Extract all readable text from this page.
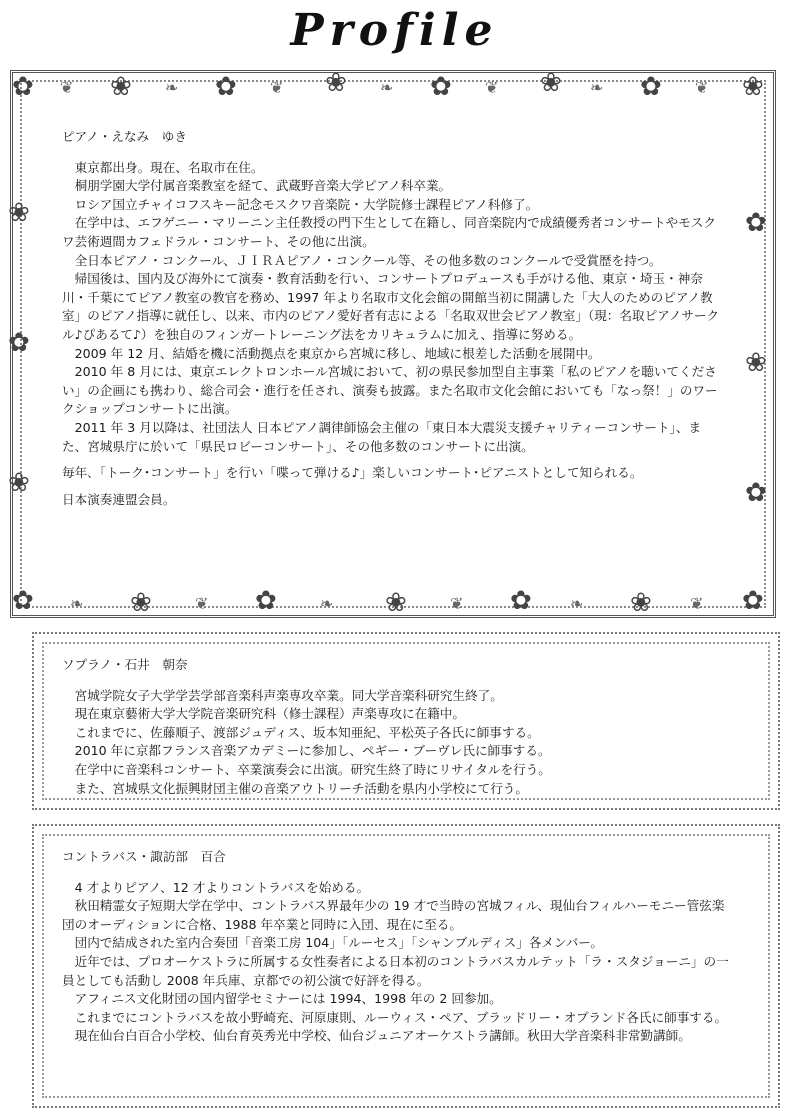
Profile
✿	❀	✿	❀	✿	❀	✿	❀
✿
❀
✿
❀
✿
❀
✿	❀	✿	❀	✿	❀	✿
❦	❧	❦	❧	❦	❧	❦
❧	❦	❧	❦	❧	❦

ピアノ・えなみ　ゆき

東京都出身。現在、名取市在住。

桐朋学園大学付属音楽教室を経て、武蔵野音楽大学ピアノ科卒業。

ロシア国立チャイコフスキー記念モスクワ音楽院・大学院修士課程ピアノ科修了。

在学中は、エフゲニー・マリーニン主任教授の門下生として在籍し、同音楽院内で成績優秀者コンサートやモスクワ芸術週間カフェドラル・コンサート、その他に出演。

全日本ピアノ・コンクール、ＪＩＲＡピアノ・コンクール等、その他多数のコンクールで受賞歴を持つ。

帰国後は、国内及び海外にて演奏・教育活動を行い、コンサートプロデュースも手がける他、東京・埼玉・神奈川・千葉にてピアノ教室の教官を務め、1997 年より名取市文化会館の開館当初に開講した「大人のためのピアノ教室」のピアノ指導に就任し、以来、市内のピアノ愛好者有志による「名取双世会ピアノ教室」（現：名取ピアノサークル♪ぴあるて♪）を独自のフィンガートレーニング法をカリキュラムに加え、指導に努める。

2009 年 12 月、結婚を機に活動拠点を東京から宮城に移し、地域に根差した活動を展開中。

2010 年 8 月には、東京エレクトロンホール宮城において、初の県民参加型自主事業「私のピアノを聴いてください」の企画にも携わり、総合司会・進行を任され、演奏も披露。また名取市文化会館においても「なっ祭！」のワークショップコンサートに出演。

2011 年 3 月以降は、社団法人 日本ピアノ調律師協会主催の「東日本大震災支援チャリティーコンサート」、また、宮城県庁に於いて「県民ロビーコンサート」、その他多数のコンサートに出演。

毎年､「トーク･コンサート」を行い「喋って弾ける♪」楽しいコンサート･ピアニストとして知られる。

日本演奏連盟会員。

ソプラノ・石井　朝奈

宮城学院女子大学学芸学部音楽科声楽専攻卒業。同大学音楽科研究生終了。

現在東京藝術大学大学院音楽研究科（修士課程）声楽専攻に在籍中。

これまでに、佐藤順子、渡部ジュディス、坂本知亜紀、平松英子各氏に師事する。

2010 年に京都フランス音楽アカデミーに参加し、ペギー・ブーヴレ氏に師事する。

在学中に音楽科コンサート、卒業演奏会に出演。研究生終了時にリサイタルを行う。

また、宮城県文化振興財団主催の音楽アウトリーチ活動を県内小学校にて行う。

コントラバス・諏訪部　百合

4 才よりピアノ、12 才よりコントラバスを始める。

秋田精霊女子短期大学在学中、コントラバス界最年少の 19 才で当時の宮城フィル、現仙台フィルハーモニー管弦楽団のオーディションに合格、1988 年卒業と同時に入団、現在に至る。

団内で結成された室内合奏団「音楽工房 104」「ルーセス」「シャンブルディス」各メンバー。

近年では、プロオーケストラに所属する女性奏者による日本初のコントラバスカルテット「ラ・スタジョーニ」の一員としても活動し 2008 年兵庫、京都での初公演で好評を得る。

アフィニス文化財団の国内留学セミナーには 1994、1998 年の 2 回参加。

これまでにコントラバスを故小野崎充、河原康則、ルーウィス・ペア、ブラッドリー・オプランド各氏に師事する。

現在仙台白百合小学校、仙台育英秀光中学校、仙台ジュニアオーケストラ講師。秋田大学音楽科非常勤講師。
